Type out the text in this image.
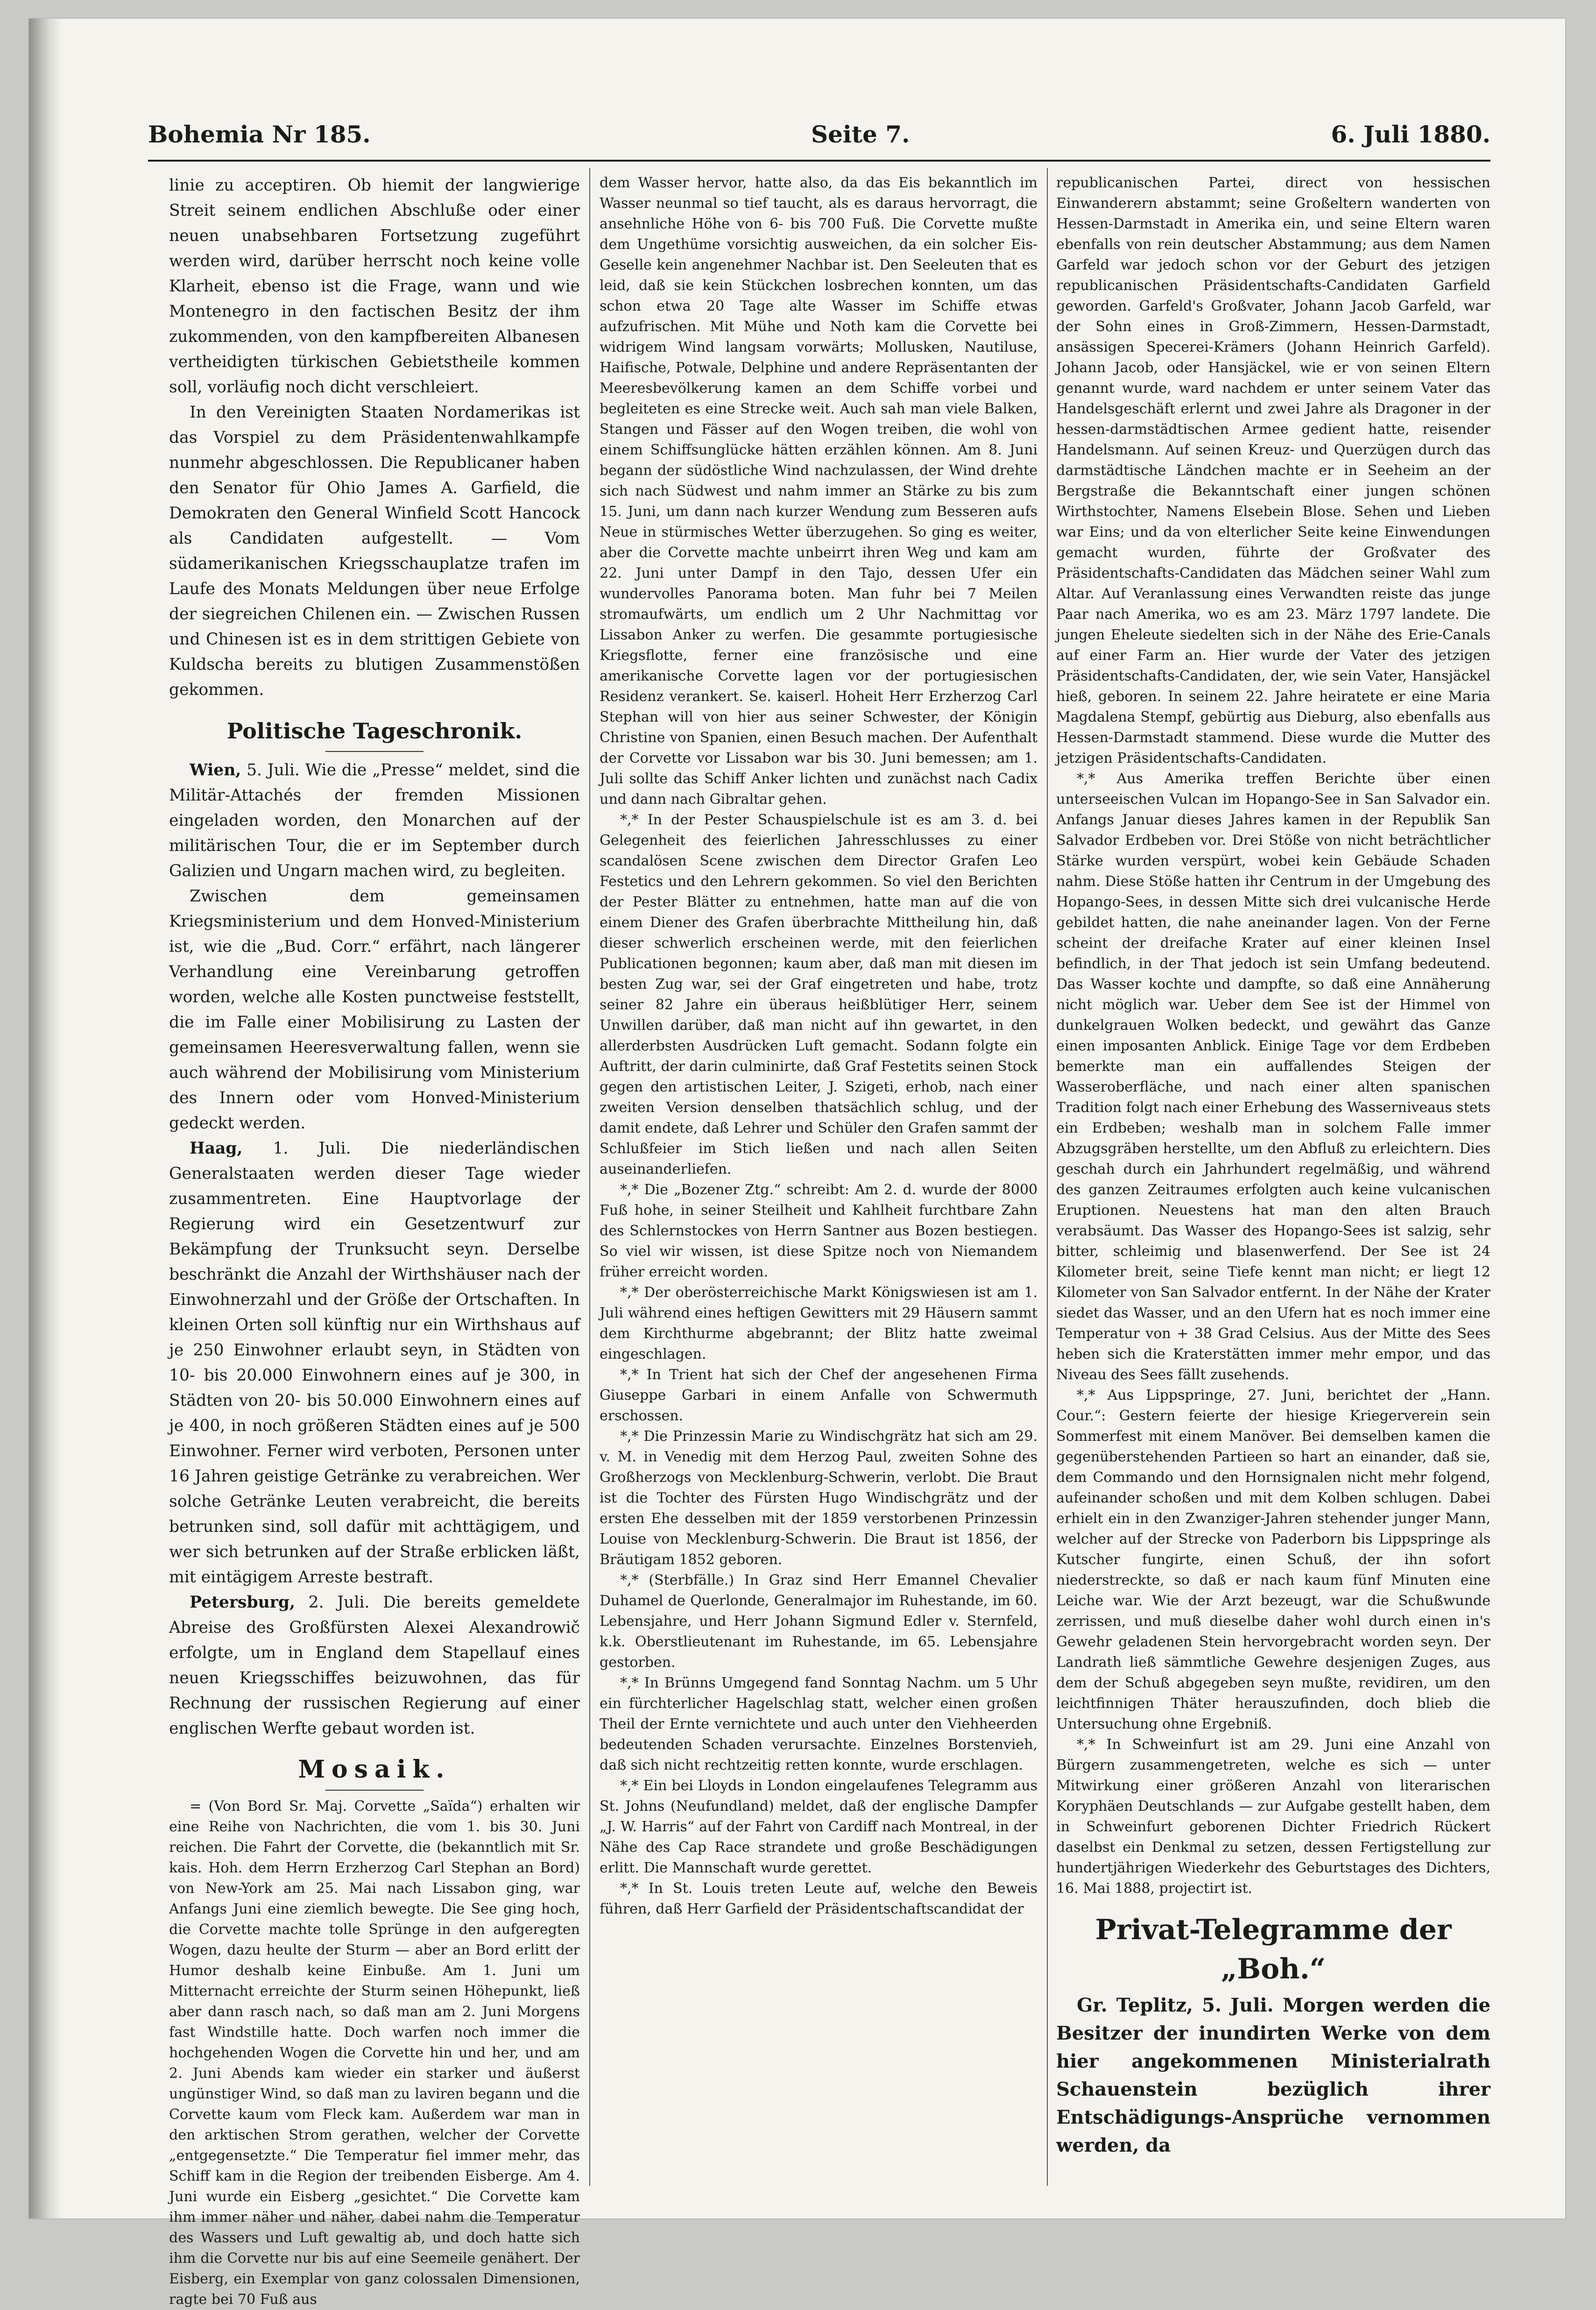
Bohemia Nr 185.	Seite 7.	6. Juli 1880.

linie zu acceptiren. Ob hiemit der langwierige Streit seinem endlichen Abschluße oder einer neuen unabsehbaren Fortsetzung zugeführt werden wird, darüber herrscht noch keine volle Klarheit, ebenso ist die Frage, wann und wie Montenegro in den factischen Besitz der ihm zukommenden, von den kampfbereiten Albanesen vertheidigten türkischen Gebietstheile kommen soll, vorläufig noch dicht verschleiert.

In den Vereinigten Staaten Nordamerikas ist das Vorspiel zu dem Präsidentenwahlkampfe nunmehr abgeschlossen. Die Republicaner haben den Senator für Ohio James A. Garfield, die Demokraten den General Winfield Scott Hancock als Candidaten aufgestellt. — Vom südamerikanischen Kriegsschauplatze trafen im Laufe des Monats Meldungen über neue Erfolge der siegreichen Chilenen ein. — Zwischen Russen und Chinesen ist es in dem strittigen Gebiete von Kuldscha bereits zu blutigen Zusammenstößen gekommen.

Politische Tageschronik.

Wien, 5. Juli. Wie die „Presse“ meldet, sind die Militär-Attachés der fremden Missionen eingeladen worden, den Monarchen auf der militärischen Tour, die er im September durch Galizien und Ungarn machen wird, zu begleiten.

Zwischen dem gemeinsamen Kriegsministerium und dem Honved-Ministerium ist, wie die „Bud. Corr.“ erfährt, nach längerer Verhandlung eine Vereinbarung getroffen worden, welche alle Kosten punctweise feststellt, die im Falle einer Mobilisirung zu Lasten der gemeinsamen Heeresverwaltung fallen, wenn sie auch während der Mobilisirung vom Ministerium des Innern oder vom Honved-Ministerium gedeckt werden.

Haag, 1. Juli. Die niederländischen Generalstaaten werden dieser Tage wieder zusammentreten. Eine Hauptvorlage der Regierung wird ein Gesetzentwurf zur Bekämpfung der Trunksucht seyn. Derselbe beschränkt die Anzahl der Wirthshäuser nach der Einwohnerzahl und der Größe der Ortschaften. In kleinen Orten soll künftig nur ein Wirthshaus auf je 250 Einwohner erlaubt seyn, in Städten von 10- bis 20.000 Einwohnern eines auf je 300, in Städten von 20- bis 50.000 Einwohnern eines auf je 400, in noch größeren Städten eines auf je 500 Einwohner. Ferner wird verboten, Personen unter 16 Jahren geistige Getränke zu verabreichen. Wer solche Getränke Leuten verabreicht, die bereits betrunken sind, soll dafür mit achttägigem, und wer sich betrunken auf der Straße erblicken läßt, mit eintägigem Arreste bestraft.

Petersburg, 2. Juli. Die bereits gemeldete Abreise des Großfürsten Alexei Alexandrowič erfolgte, um in England dem Stapellauf eines neuen Kriegsschiffes beizuwohnen, das für Rechnung der russischen Regierung auf einer englischen Werfte gebaut worden ist.

Mosaik.

= (Von Bord Sr. Maj. Corvette „Saïda“) erhalten wir eine Reihe von Nachrichten, die vom 1. bis 30. Juni reichen. Die Fahrt der Corvette, die (bekanntlich mit Sr. kais. Hoh. dem Herrn Erzherzog Carl Stephan an Bord) von New-York am 25. Mai nach Lissabon ging, war Anfangs Juni eine ziemlich bewegte. Die See ging hoch, die Corvette machte tolle Sprünge in den aufgeregten Wogen, dazu heulte der Sturm — aber an Bord erlitt der Humor deshalb keine Einbuße. Am 1. Juni um Mitternacht erreichte der Sturm seinen Höhepunkt, ließ aber dann rasch nach, so daß man am 2. Juni Morgens fast Windstille hatte. Doch warfen noch immer die hochgehenden Wogen die Corvette hin und her, und am 2. Juni Abends kam wieder ein starker und äußerst ungünstiger Wind, so daß man zu laviren begann und die Corvette kaum vom Fleck kam. Außerdem war man in den arktischen Strom gerathen, welcher der Corvette „entgegensetzte.“ Die Temperatur fiel immer mehr, das Schiff kam in die Region der treibenden Eisberge. Am 4. Juni wurde ein Eisberg „gesichtet.“ Die Corvette kam ihm immer näher und näher, dabei nahm die Temperatur des Wassers und Luft gewaltig ab, und doch hatte sich ihm die Corvette nur bis auf eine Seemeile genähert. Der Eisberg, ein Exemplar von ganz colossalen Dimensionen, ragte bei 70 Fuß aus

dem Wasser hervor, hatte also, da das Eis bekanntlich im Wasser neunmal so tief taucht, als es daraus hervorragt, die ansehnliche Höhe von 6- bis 700 Fuß. Die Corvette mußte dem Ungethüme vorsichtig ausweichen, da ein solcher Eis-Geselle kein angenehmer Nachbar ist. Den Seeleuten that es leid, daß sie kein Stückchen losbrechen konnten, um das schon etwa 20 Tage alte Wasser im Schiffe etwas aufzufrischen. Mit Mühe und Noth kam die Corvette bei widrigem Wind langsam vorwärts; Mollusken, Nautiluse, Haifische, Potwale, Delphine und andere Repräsentanten der Meeresbevölkerung kamen an dem Schiffe vorbei und begleiteten es eine Strecke weit. Auch sah man viele Balken, Stangen und Fässer auf den Wogen treiben, die wohl von einem Schiffsunglücke hätten erzählen können. Am 8. Juni begann der südöstliche Wind nachzulassen, der Wind drehte sich nach Südwest und nahm immer an Stärke zu bis zum 15. Juni, um dann nach kurzer Wendung zum Besseren aufs Neue in stürmisches Wetter überzugehen. So ging es weiter, aber die Corvette machte unbeirrt ihren Weg und kam am 22. Juni unter Dampf in den Tajo, dessen Ufer ein wundervolles Panorama boten. Man fuhr bei 7 Meilen stromaufwärts, um endlich um 2 Uhr Nachmittag vor Lissabon Anker zu werfen. Die gesammte portugiesische Kriegsflotte, ferner eine französische und eine amerikanische Corvette lagen vor der portugiesischen Residenz verankert. Se. kaiserl. Hoheit Herr Erzherzog Carl Stephan will von hier aus seiner Schwester, der Königin Christine von Spanien, einen Besuch machen. Der Aufenthalt der Corvette vor Lissabon war bis 30. Juni bemessen; am 1. Juli sollte das Schiff Anker lichten und zunächst nach Cadix und dann nach Gibraltar gehen.

*,* In der Pester Schauspielschule ist es am 3. d. bei Gelegenheit des feierlichen Jahresschlusses zu einer scandalösen Scene zwischen dem Director Grafen Leo Festetics und den Lehrern gekommen. So viel den Berichten der Pester Blätter zu entnehmen, hatte man auf die von einem Diener des Grafen überbrachte Mittheilung hin, daß dieser schwerlich erscheinen werde, mit den feierlichen Publicationen begonnen; kaum aber, daß man mit diesen im besten Zug war, sei der Graf eingetreten und habe, trotz seiner 82 Jahre ein überaus heißblütiger Herr, seinem Unwillen darüber, daß man nicht auf ihn gewartet, in den allerderbsten Ausdrücken Luft gemacht. Sodann folgte ein Auftritt, der darin culminirte, daß Graf Festetits seinen Stock gegen den artistischen Leiter, J. Szigeti, erhob, nach einer zweiten Version denselben thatsächlich schlug, und der damit endete, daß Lehrer und Schüler den Grafen sammt der Schlußfeier im Stich ließen und nach allen Seiten auseinanderliefen.

*,* Die „Bozener Ztg.“ schreibt: Am 2. d. wurde der 8000 Fuß hohe, in seiner Steilheit und Kahlheit furchtbare Zahn des Schlernstockes von Herrn Santner aus Bozen bestiegen. So viel wir wissen, ist diese Spitze noch von Niemandem früher erreicht worden.

*,* Der oberösterreichische Markt Königswiesen ist am 1. Juli während eines heftigen Gewitters mit 29 Häusern sammt dem Kirchthurme abgebrannt; der Blitz hatte zweimal eingeschlagen.

*,* In Trient hat sich der Chef der angesehenen Firma Giuseppe Garbari in einem Anfalle von Schwermuth erschossen.

*,* Die Prinzessin Marie zu Windischgrätz hat sich am 29. v. M. in Venedig mit dem Herzog Paul, zweiten Sohne des Großherzogs von Mecklenburg-Schwerin, verlobt. Die Braut ist die Tochter des Fürsten Hugo Windischgrätz und der ersten Ehe desselben mit der 1859 verstorbenen Prinzessin Louise von Mecklenburg-Schwerin. Die Braut ist 1856, der Bräutigam 1852 geboren.

*,* (Sterbfälle.) In Graz sind Herr Emannel Chevalier Duhamel de Querlonde, Generalmajor im Ruhestande, im 60. Lebensjahre, und Herr Johann Sigmund Edler v. Sternfeld, k.k. Oberstlieutenant im Ruhestande, im 65. Lebensjahre gestorben.

*,* In Brünns Umgegend fand Sonntag Nachm. um 5 Uhr ein fürchterlicher Hagelschlag statt, welcher einen großen Theil der Ernte vernichtete und auch unter den Viehheerden bedeutenden Schaden verursachte. Einzelnes Borstenvieh, daß sich nicht rechtzeitig retten konnte, wurde erschlagen.

*,* Ein bei Lloyds in London eingelaufenes Telegramm aus St. Johns (Neufundland) meldet, daß der englische Dampfer „J. W. Harris“ auf der Fahrt von Cardiff nach Montreal, in der Nähe des Cap Race strandete und große Beschädigungen erlitt. Die Mannschaft wurde gerettet.

*,* In St. Louis treten Leute auf, welche den Beweis führen, daß Herr Garfield der Präsidentschaftscandidat der

republicanischen Partei, direct von hessischen Einwanderern abstammt; seine Großeltern wanderten von Hessen-Darmstadt in Amerika ein, und seine Eltern waren ebenfalls von rein deutscher Abstammung; aus dem Namen Garfeld war jedoch schon vor der Geburt des jetzigen republicanischen Präsidentschafts-Candidaten Garfield geworden. Garfeld's Großvater, Johann Jacob Garfeld, war der Sohn eines in Groß-Zimmern, Hessen-Darmstadt, ansässigen Specerei-Krämers (Johann Heinrich Garfeld). Johann Jacob, oder Hansjäckel, wie er von seinen Eltern genannt wurde, ward nachdem er unter seinem Vater das Handelsgeschäft erlernt und zwei Jahre als Dragoner in der hessen-darmstädtischen Armee gedient hatte, reisender Handelsmann. Auf seinen Kreuz- und Querzügen durch das darmstädtische Ländchen machte er in Seeheim an der Bergstraße die Bekanntschaft einer jungen schönen Wirthstochter, Namens Elsebein Blose. Sehen und Lieben war Eins; und da von elterlicher Seite keine Einwendungen gemacht wurden, führte der Großvater des Präsidentschafts-Candidaten das Mädchen seiner Wahl zum Altar. Auf Veranlassung eines Verwandten reiste das junge Paar nach Amerika, wo es am 23. März 1797 landete. Die jungen Eheleute siedelten sich in der Nähe des Erie-Canals auf einer Farm an. Hier wurde der Vater des jetzigen Präsidentschafts-Candidaten, der, wie sein Vater, Hansjäckel hieß, geboren. In seinem 22. Jahre heiratete er eine Maria Magdalena Stempf, gebürtig aus Dieburg, also ebenfalls aus Hessen-Darmstadt stammend. Diese wurde die Mutter des jetzigen Präsidentschafts-Candidaten.

*,* Aus Amerika treffen Berichte über einen unterseeischen Vulcan im Hopango-See in San Salvador ein. Anfangs Januar dieses Jahres kamen in der Republik San Salvador Erdbeben vor. Drei Stöße von nicht beträchtlicher Stärke wurden verspürt, wobei kein Gebäude Schaden nahm. Diese Stöße hatten ihr Centrum in der Umgebung des Hopango-Sees, in dessen Mitte sich drei vulcanische Herde gebildet hatten, die nahe aneinander lagen. Von der Ferne scheint der dreifache Krater auf einer kleinen Insel befindlich, in der That jedoch ist sein Umfang bedeutend. Das Wasser kochte und dampfte, so daß eine Annäherung nicht möglich war. Ueber dem See ist der Himmel von dunkelgrauen Wolken bedeckt, und gewährt das Ganze einen imposanten Anblick. Einige Tage vor dem Erdbeben bemerkte man ein auffallendes Steigen der Wasseroberfläche, und nach einer alten spanischen Tradition folgt nach einer Erhebung des Wasserniveaus stets ein Erdbeben; weshalb man in solchem Falle immer Abzugsgräben herstellte, um den Abfluß zu erleichtern. Dies geschah durch ein Jahrhundert regelmäßig, und während des ganzen Zeitraumes erfolgten auch keine vulcanischen Eruptionen. Neuestens hat man den alten Brauch verabsäumt. Das Wasser des Hopango-Sees ist salzig, sehr bitter, schleimig und blasenwerfend. Der See ist 24 Kilometer breit, seine Tiefe kennt man nicht; er liegt 12 Kilometer von San Salvador entfernt. In der Nähe der Krater siedet das Wasser, und an den Ufern hat es noch immer eine Temperatur von + 38 Grad Celsius. Aus der Mitte des Sees heben sich die Kraterstätten immer mehr empor, und das Niveau des Sees fällt zusehends.

*,* Aus Lippspringe, 27. Juni, berichtet der „Hann. Cour.“: Gestern feierte der hiesige Kriegerverein sein Sommerfest mit einem Manöver. Bei demselben kamen die gegenüberstehenden Partieen so hart an einander, daß sie, dem Commando und den Hornsignalen nicht mehr folgend, aufeinander schoßen und mit dem Kolben schlugen. Dabei erhielt ein in den Zwanziger-Jahren stehender junger Mann, welcher auf der Strecke von Paderborn bis Lippspringe als Kutscher fungirte, einen Schuß, der ihn sofort niederstreckte, so daß er nach kaum fünf Minuten eine Leiche war. Wie der Arzt bezeugt, war die Schußwunde zerrissen, und muß dieselbe daher wohl durch einen in's Gewehr geladenen Stein hervorgebracht worden seyn. Der Landrath ließ sämmtliche Gewehre desjenigen Zuges, aus dem der Schuß abgegeben seyn mußte, revidiren, um den leichtfinnigen Thäter herauszufinden, doch blieb die Untersuchung ohne Ergebniß.

*,* In Schweinfurt ist am 29. Juni eine Anzahl von Bürgern zusammengetreten, welche es sich — unter Mitwirkung einer größeren Anzahl von literarischen Koryphäen Deutschlands — zur Aufgabe gestellt haben, dem in Schweinfurt geborenen Dichter Friedrich Rückert daselbst ein Denkmal zu setzen, dessen Fertigstellung zur hundertjährigen Wiederkehr des Geburtstages des Dichters, 16. Mai 1888, projectirt ist.

Privat-Telegramme der „Boh.“

Gr. Teplitz, 5. Juli. Morgen werden die Besitzer der inundirten Werke von dem hier angekommenen Ministerialrath Schauenstein bezüglich ihrer Entschädigungs-Ansprüche vernommen werden, da
